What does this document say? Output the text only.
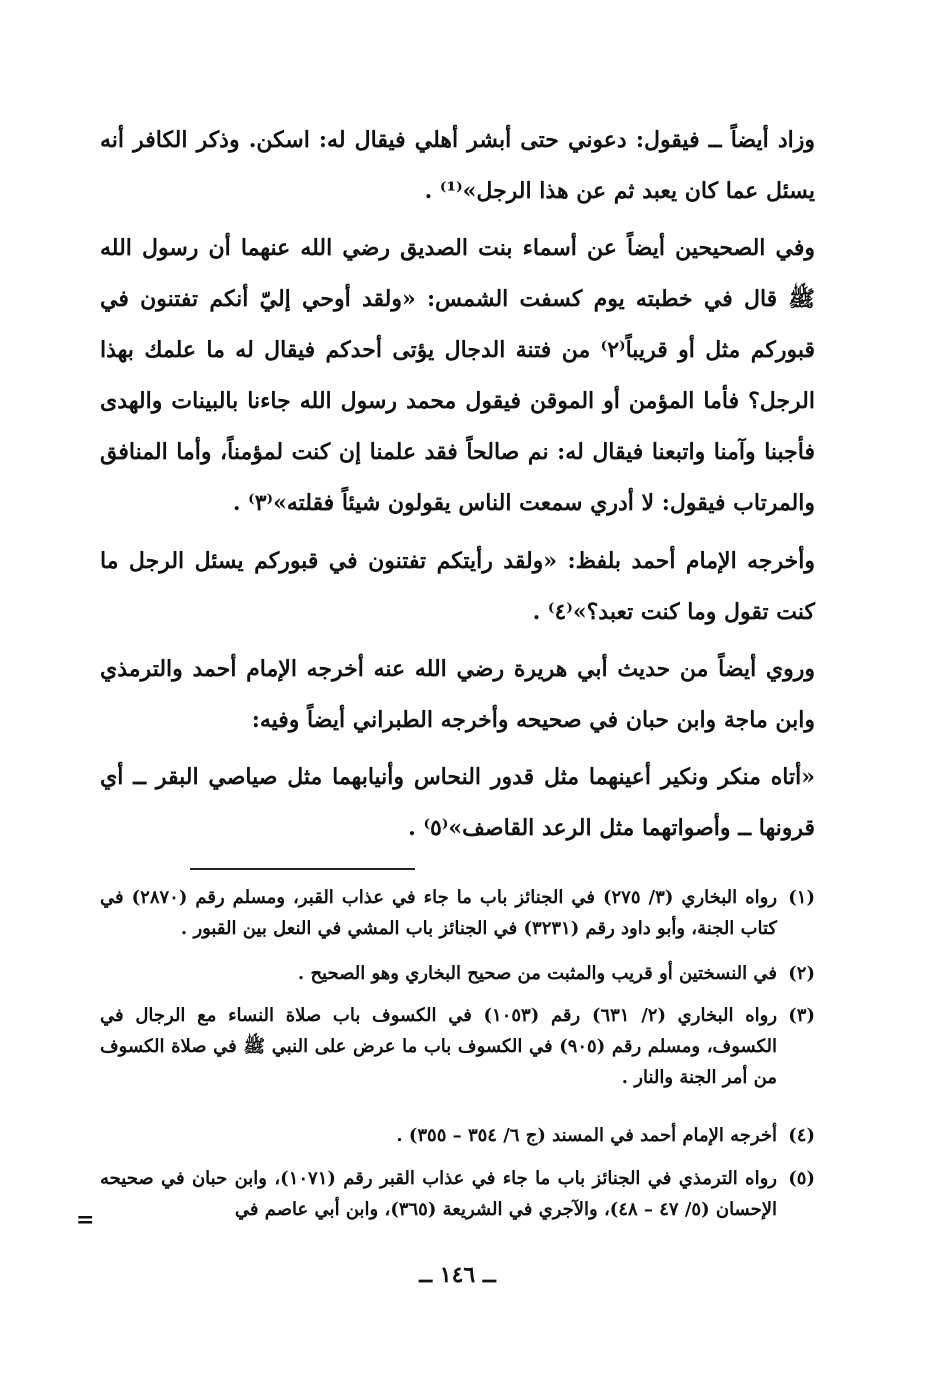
وزاد أيضاً ــ فيقول: دعوني حتى أبشر أهلي فيقال له: اسكن. وذكر الكافر أنه يسئل عما كان يعبد ثم عن هذا الرجل»⁽¹⁾ .

وفي الصحيحين أيضاً عن أسماء بنت الصديق رضي الله عنهما أن رسول الله ﷺ قال في خطبته يوم كسفت الشمس: «ولقد أوحي إليّ أنكم تفتنون في قبوركم مثل أو قريباً⁽٢⁾ من فتنة الدجال يؤتى أحدكم فيقال له ما علمك بهذا الرجل؟ فأما المؤمن أو الموقن فيقول محمد رسول الله جاءنا بالبينات والهدى فأجبنا وآمنا واتبعنا فيقال له: نم صالحاً فقد علمنا إن كنت لمؤمناً، وأما المنافق والمرتاب فيقول: لا أدري سمعت الناس يقولون شيئاً فقلته»⁽٣⁾ .

وأخرجه الإمام أحمد بلفظ: «ولقد رأيتكم تفتنون في قبوركم يسئل الرجل ما كنت تقول وما كنت تعبد؟»⁽٤⁾ .

وروي أيضاً من حديث أبي هريرة رضي الله عنه أخرجه الإمام أحمد والترمذي وابن ماجة وابن حبان في صحيحه وأخرجه الطبراني أيضاً وفيه:

«أتاه منكر ونكير أعينهما مثل قدور النحاس وأنيابهما مثل صياصي البقر ــ أي قرونها ــ وأصواتهما مثل الرعد القاصف»⁽٥⁾ .

(١)
رواه البخاري (٣/ ٢٧٥) في الجنائز باب ما جاء في عذاب القبر، ومسلم رقم (٢٨٧٠) في كتاب الجنة، وأبو داود رقم (٣٢٣١) في الجنائز باب المشي في النعل بين القبور .
(٢)
في النسختين أو قريب والمثبت من صحيح البخاري وهو الصحيح .
(٣)
رواه البخاري (٢/ ٦٣١) رقم (١٠٥٣) في الكسوف باب صلاة النساء مع الرجال في الكسوف، ومسلم رقم (٩٠٥) في الكسوف باب ما عرض على النبي ﷺ في صلاة الكسوف من أمر الجنة والنار .
(٤)
أخرجه الإمام أحمد في المسند (ج ٦/ ٣٥٤ – ٣٥٥) .
(٥)
رواه الترمذي في الجنائز باب ما جاء في عذاب القبر رقم (١٠٧١)، وابن حبان في صحيحه الإحسان (٥/ ٤٧ – ٤٨)، والآجري في الشريعة (٣٦٥)، وابن أبي عاصم في
=
ــ ١٤٦ ــ
